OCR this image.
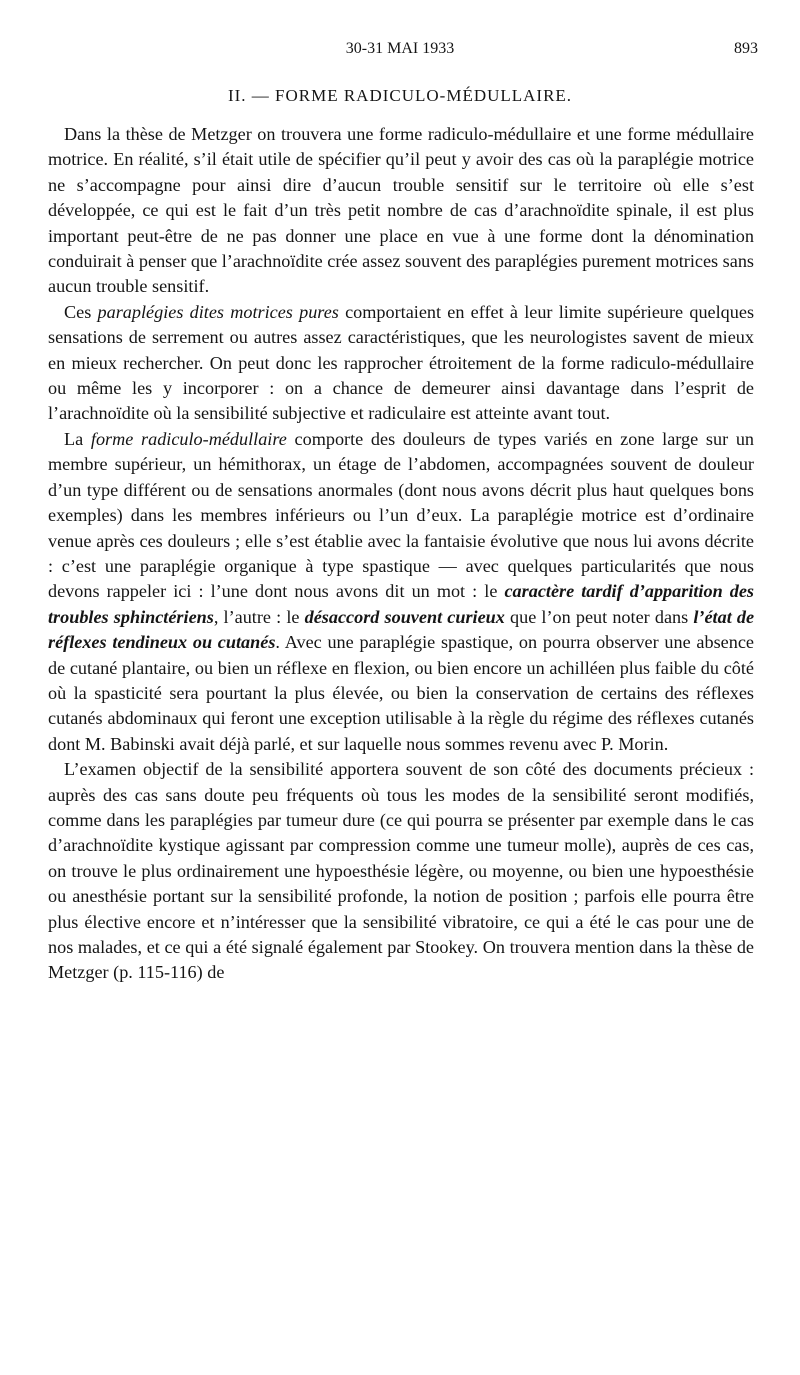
30-31 MAI 1933	893
II. — FORME RADICULO-MÉDULLAIRE.

Dans la thèse de Metzger on trouvera une forme radiculo-médullaire et une forme médullaire motrice. En réalité, s’il était utile de spécifier qu’il peut y avoir des cas où la paraplégie motrice ne s’accompagne pour ainsi dire d’aucun trouble sensitif sur le territoire où elle s’est développée, ce qui est le fait d’un très petit nombre de cas d’arachnoïdite spinale, il est plus important peut-être de ne pas donner une place en vue à une forme dont la dénomination conduirait à penser que l’arachnoïdite crée assez souvent des paraplégies purement motrices sans aucun trouble sensitif.

Ces paraplégies dites motrices pures comportaient en effet à leur limite supérieure quelques sensations de serrement ou autres assez caractéristiques, que les neurologistes savent de mieux en mieux rechercher. On peut donc les rapprocher étroitement de la forme radiculo-médullaire ou même les y incorporer : on a chance de demeurer ainsi davantage dans l’esprit de l’arachnoïdite où la sensibilité subjective et radiculaire est atteinte avant tout.

La forme radiculo-médullaire comporte des douleurs de types variés en zone large sur un membre supérieur, un hémithorax, un étage de l’abdomen, accompagnées souvent de douleur d’un type différent ou de sensations anormales (dont nous avons décrit plus haut quelques bons exemples) dans les membres inférieurs ou l’un d’eux. La paraplégie motrice est d’ordinaire venue après ces douleurs ; elle s’est établie avec la fantaisie évolutive que nous lui avons décrite : c’est une paraplégie organique à type spastique — avec quelques particularités que nous devons rappeler ici : l’une dont nous avons dit un mot : le caractère tardif d’apparition des troubles sphinctériens, l’autre : le désaccord souvent curieux que l’on peut noter dans l’état de réflexes tendineux ou cutanés. Avec une paraplégie spastique, on pourra observer une absence de cutané plantaire, ou bien un réflexe en flexion, ou bien encore un achilléen plus faible du côté où la spasticité sera pourtant la plus élevée, ou bien la conservation de certains des réflexes cutanés abdominaux qui feront une exception utilisable à la règle du régime des réflexes cutanés dont M. Babinski avait déjà parlé, et sur laquelle nous sommes revenu avec P. Morin.

L’examen objectif de la sensibilité apportera souvent de son côté des documents précieux : auprès des cas sans doute peu fréquents où tous les modes de la sensibilité seront modifiés, comme dans les paraplégies par tumeur dure (ce qui pourra se présenter par exemple dans le cas d’arachnoïdite kystique agissant par compression comme une tumeur molle), auprès de ces cas, on trouve le plus ordinairement une hypoesthésie légère, ou moyenne, ou bien une hypoesthésie ou anesthésie portant sur la sensibilité profonde, la notion de position ; parfois elle pourra être plus élective encore et n’intéresser que la sensibilité vibratoire, ce qui a été le cas pour une de nos malades, et ce qui a été signalé également par Stookey. On trouvera mention dans la thèse de Metzger (p. 115-116) de
